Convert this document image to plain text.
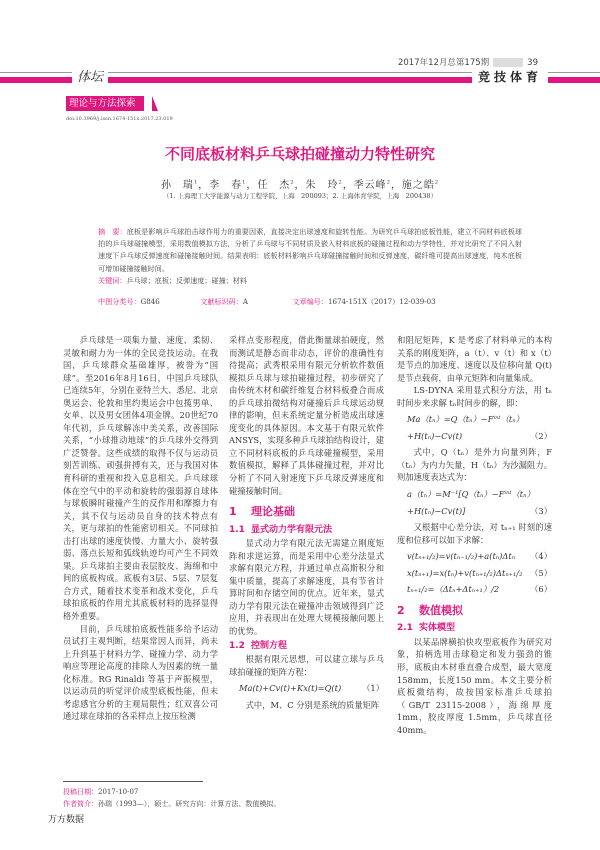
2017年12月总第175期	39
体坛	竞技体育
理论与方法探索
doi:10.3969/j.issn.1674-151x.2017.23.019
不同底板材料乒乓球拍碰撞动力特性研究
孙　瑞$^1$，李　春$^1$，任　杰$^2$，朱　玲$^2$，季云峰$^2$，施之皓$^2$
（1. 上海理工大学能源与动力工程学院，上海　200093；2. 上海体育学院，上海　200438）
摘　要：底板是影响乒乓球拍击球作用力的重要因素，直接决定出球速度和旋转性能。为研究乒乓球拍底板性能，建立不同材料底板球拍的乒乓球碰撞模型，采用数值模拟方法，分析了乒乓球与不同材质及嵌入材料底板的碰撞过程和动力学特性，并对比研究了不同入射速度下乒乓球反弹速度和碰撞接触时间。结果表明：底板材料影响乒乓球碰撞接触时间和反弹速度，碳纤维可提高出球速度，纯木底板可增加碰撞接触时间。
关键词：乒乓球；底板；反弹速度；碰撞；材料
中图分类号：G846	文献标识码：A	文章编号：1674-151X（2017）12-039-03

乒乓球是一项集力量、速度、柔韧、灵敏和耐力为一体的全民竞技运动。在我国，乒乓球群众基础雄厚，被誉为“国球”。至2016年8月16日，中国乒乓球队已连续5年，分别在亚特兰大、悉尼、北京奥运会、伦敦和里约奥运会中包揽男单、女单、以及男女团体4项金牌。20世纪70年代初，乒乓球解冻中美关系，改善国际关系，“小球推动地球”的乒乓球外交得到广泛赞誉。这些成绩的取得不仅与运动员刻苦训练、顽强拼搏有关，还与我国对体育科研的重视和投入息息相关。乒乓球球体在空气中的平动和旋转的强弱源自球体与球板瞬时碰撞产生的反作用和摩擦力有关，其不仅与运动员自身的技术特点有关，更与球拍的性能密切相关。不同球拍击打出球的速度快慢、力量大小、旋转强弱、落点长短和弧线轨迹均可产生不同效果。乒乓球拍主要由表层胶皮、海绵和中间的底板构成。底板有3层、5层、7层复合方式，随着技术变革和战术变化，乒乓球拍底板的作用尤其底板材料的选择显得格外重要。

目前，乒乓球拍底板性能多给予运动员试打主观判断，结果常因人而异，尚未上升到基于材料力学、碰撞力学、动力学响应等理论高度的排除人为因素的统一量化标准。RG Rinaldi 等基于声振模型，以运动员的听觉评价成型底板性能，但未考虑感官分析的主观局限性；红双喜公司通过球在球拍的各采样点上按压检测

采样点变形程度，借此衡量球拍硬度，然而测试是静态而非动态，评价的准确性有待提高；武秀根采用有限元分析软件数值模拟乒乓球与球拍碰撞过程，初步研究了由传统木材和碳纤维复合材料板叠合而成的乒乓球拍微结构对碰撞后乒乓球运动规律的影响，但未系统定量分析造成出球速度变化的具体原因。本文基于有限元软件 ANSYS，实现多种乒乓球拍结构设计，建立不同材料底板的乒乓球碰撞模型，采用数值模拟，解释了具体碰撞过程，并对比分析了不同入射速度下乒乓球反弹速度和碰撞接触时间。

1 理论基础
1.1 显式动力学有限元法

显式动力学有限元法无需建立刚度矩阵和求逆运算，而是采用中心差分法显式求解有限元方程，并通过单点高斯积分和集中质量，提高了求解速度，具有节省计算时间和存储空间的优点。近年来，显式动力学有限元法在碰撞冲击领域得到广泛应用，并表现出在处理大规模接触问题上的优势。

1.2 控制方程

根据有限元思想，可以建立球与乒乓球拍碰撞的矩阵方程：

Ma(t)+Cv(t)+Kx(t)=Q(t)	（1）

式中，M、C 分别是系统的质量矩阵

和阻尼矩阵，K 是考虑了材料单元的本构关系的刚度矩阵，a（t）、v（t）和 x（t）是节点的加速度、速度以及位移向量 Q(t) 是节点载荷，由单元矩阵和向量集成。

LS-DYNA 采用显式积分方法，用 tₙ 时间步来求解 tₙ时间步的解，即：

Ma（tₙ）=Q（tₙ）−Fⁱⁿᵗ（tₙ）
+H(tₙ)−Cv(t)	（2）

式中，Q（tₙ）是外力向量列阵，F（tₙ）为内力矢量，H（tₙ）为沙漏阻力。则加速度表达式为：

a（tₙ）=M⁻¹[Q（tₙ）−Fⁱⁿᵗ（tₙ）
+H(tₙ)−Cv(t)]	（3）

又根据中心差分法，对 tₙ₊₁ 时刻的速度和位移可以如下求解：

v(tₙ₊₁/₂)=v(tₙ₋₁/₂)+a(tₙ)Δtₙ （4）
x(tₙ₊₁)=x(tₙ)+v(tₙ₊₁/₂)Δtₙ₊₁/₂ （5）
tₙ₊₁/₂=（Δtₙ+Δtₙ₊₁）/2	（6）
2 数值模拟
2.1 实体模型

以某品牌横拍快攻型底板作为研究对象，拍柄选用击球稳定和发力强劲的锥形，底板由木材垂直叠合成型，最大宽度158mm，长度150 mm。本文主要分析底板微结构，故按国家标准乒乓球拍（GB/T 23115-2008），海绵厚度 1mm，胶皮厚度 1.5mm，乒乓球直径 40mm。

投稿日期：2017-10-07
作者简介：孙瑞（1993—），硕士。研究方向：计算方法、数值模拟。
万方数据
